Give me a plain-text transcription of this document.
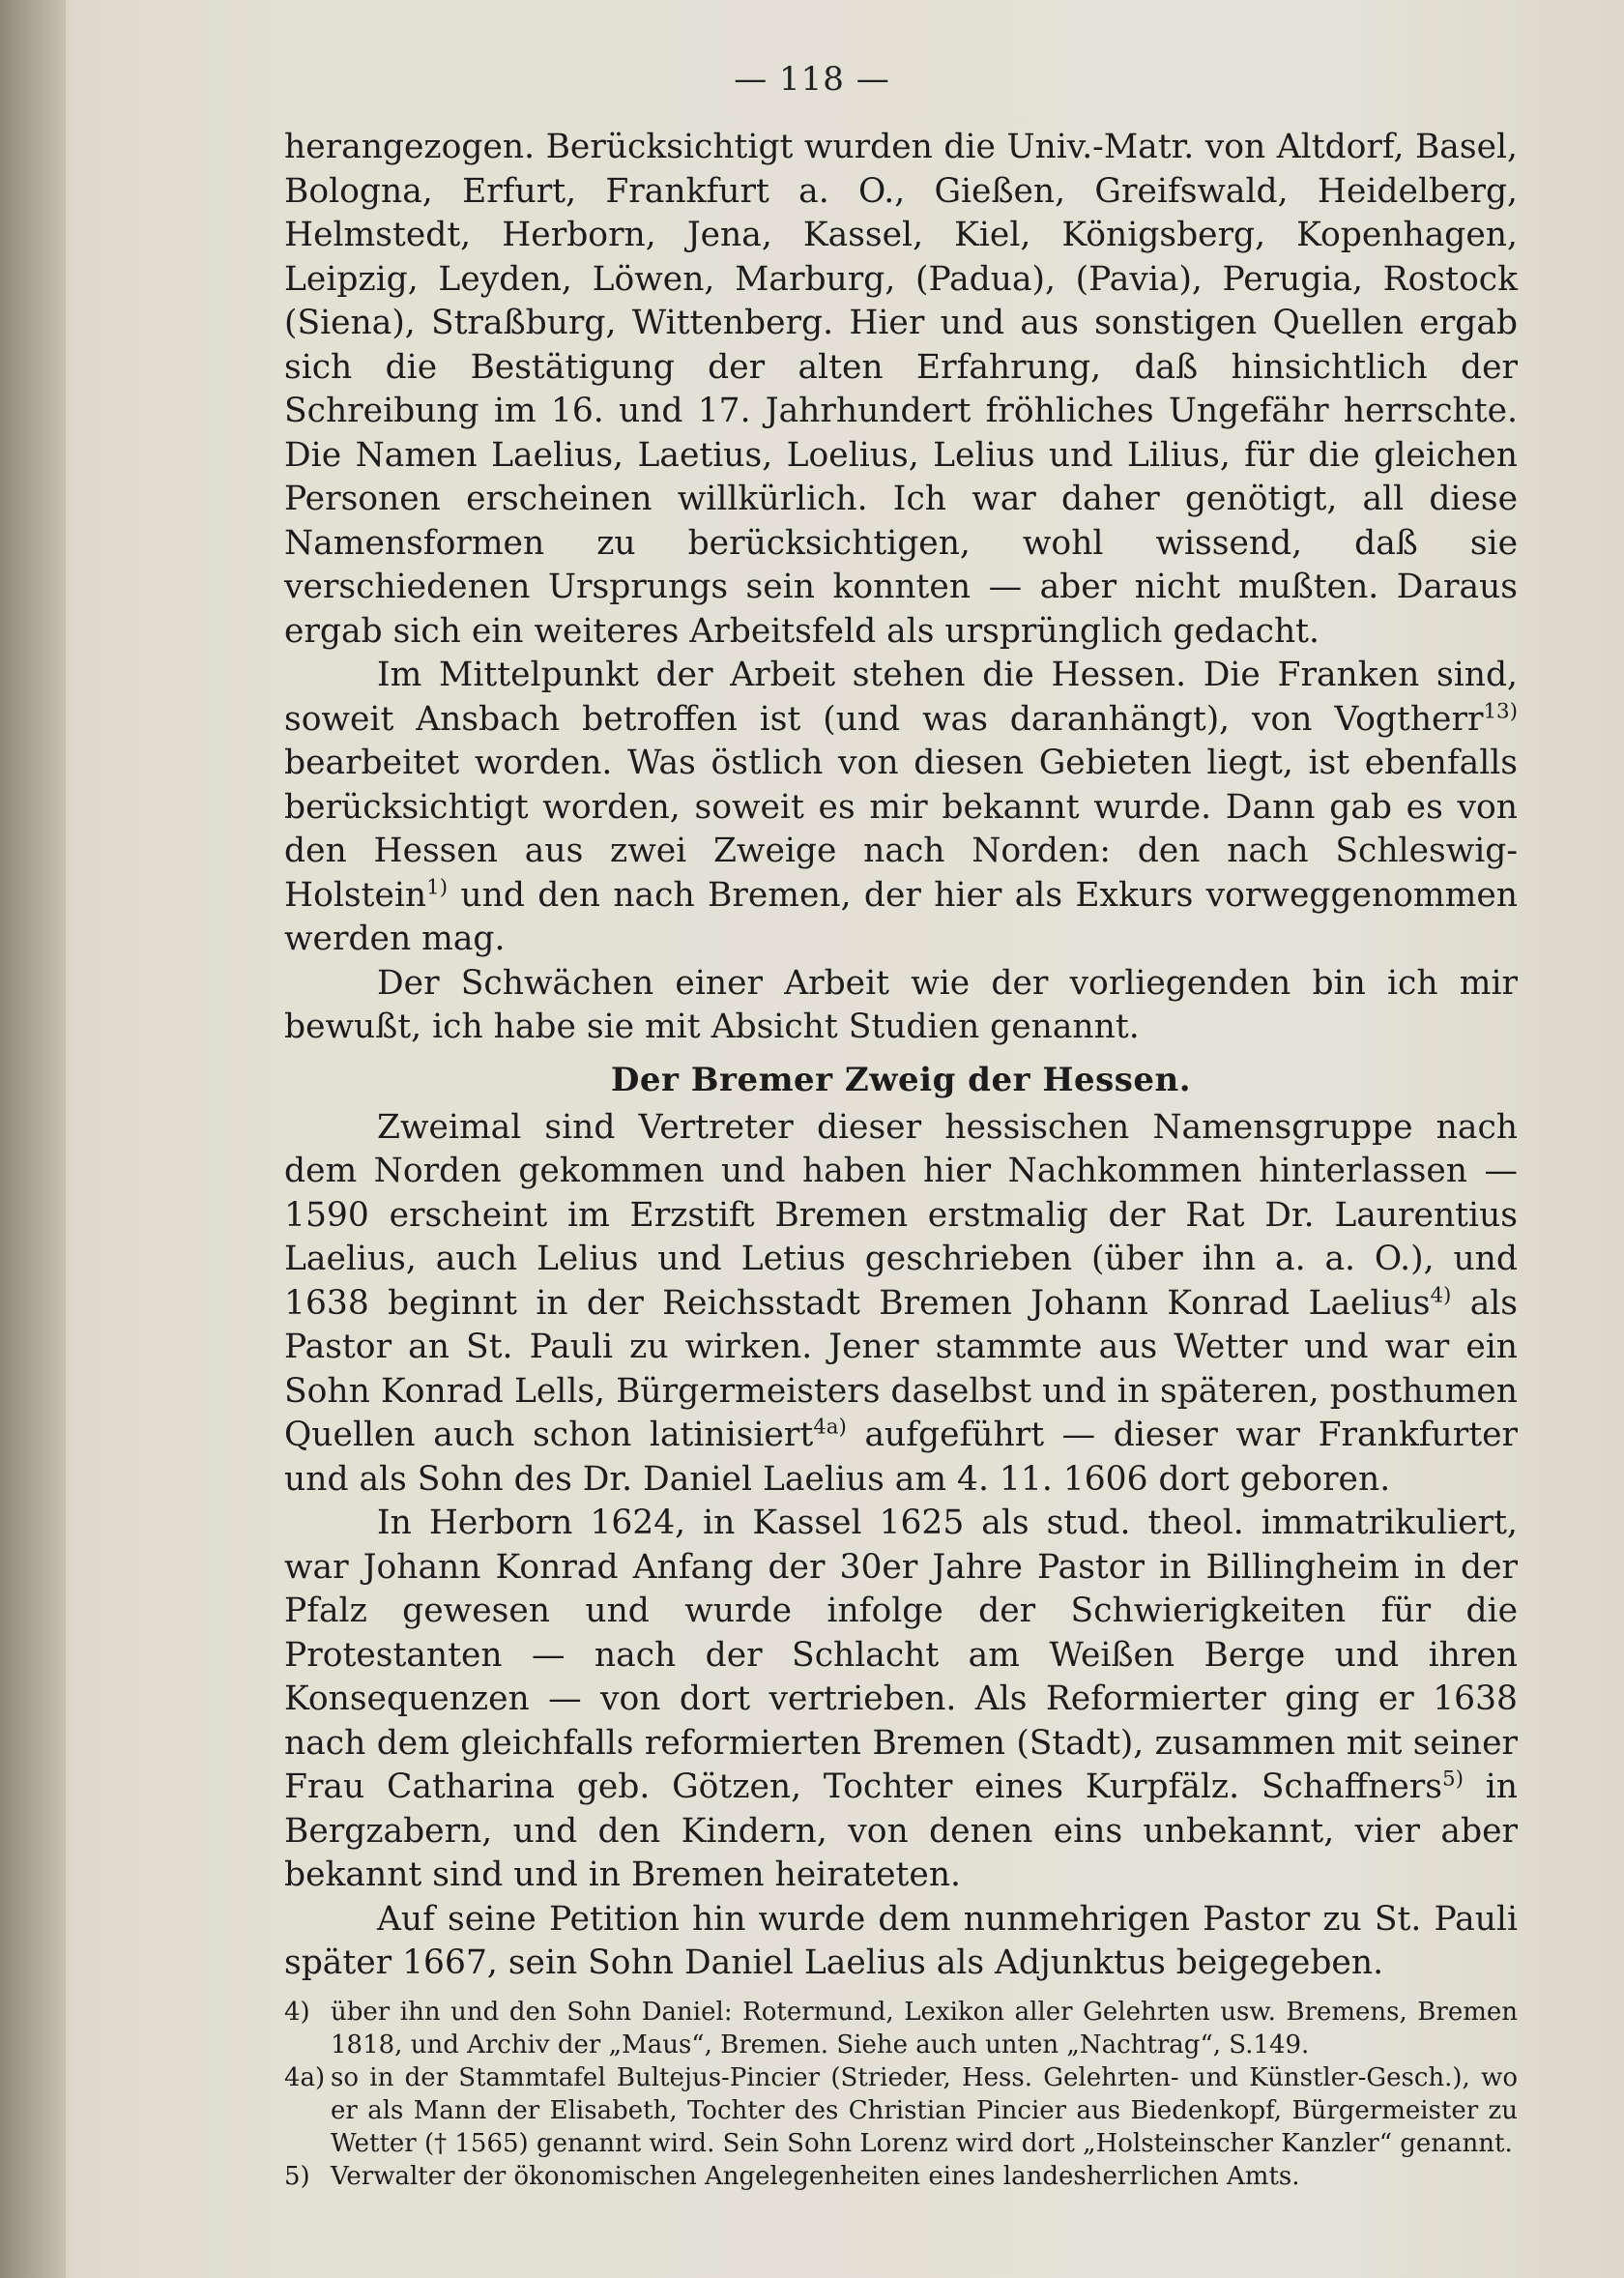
— 118 —

herangezogen. Berücksichtigt wurden die Univ.-Matr. von Altdorf, Basel, Bologna, Erfurt, Frankfurt a. O., Gießen, Greifswald, Heidelberg, Helmstedt, Herborn, Jena, Kassel, Kiel, Königsberg, Kopenhagen, Leipzig, Leyden, Löwen, Marburg, (Padua), (Pavia), Perugia, Rostock (Siena), Straßburg, Wittenberg. Hier und aus sonstigen Quellen ergab sich die Bestätigung der alten Erfahrung, daß hinsichtlich der Schreibung im 16. und 17. Jahrhundert fröhliches Ungefähr herrschte. Die Namen Laelius, Laetius, Loelius, Lelius und Lilius, für die gleichen Personen erscheinen willkürlich. Ich war daher genötigt, all diese Namensformen zu berücksichtigen, wohl wissend, daß sie verschiedenen Ursprungs sein konnten — aber nicht mußten. Daraus ergab sich ein weiteres Arbeitsfeld als ursprünglich gedacht.

Im Mittelpunkt der Arbeit stehen die Hessen. Die Franken sind, soweit Ansbach betroffen ist (und was daranhängt), von Vogtherr$^{13)}$ bearbeitet worden. Was östlich von diesen Gebieten liegt, ist ebenfalls berücksichtigt worden, soweit es mir bekannt wurde. Dann gab es von den Hessen aus zwei Zweige nach Norden: den nach Schleswig-Holstein$^{1)}$ und den nach Bremen, der hier als Exkurs vorweggenommen werden mag.

Der Schwächen einer Arbeit wie der vorliegenden bin ich mir bewußt, ich habe sie mit Absicht Studien genannt.

Der Bremer Zweig der Hessen.

Zweimal sind Vertreter dieser hessischen Namensgruppe nach dem Norden gekommen und haben hier Nachkommen hinterlassen — 1590 erscheint im Erzstift Bremen erstmalig der Rat Dr. Laurentius Laelius, auch Lelius und Letius geschrieben (über ihn a. a. O.), und 1638 beginnt in der Reichsstadt Bremen Johann Konrad Laelius$^{4)}$ als Pastor an St. Pauli zu wirken. Jener stammte aus Wetter und war ein Sohn Konrad Lells, Bürgermeisters daselbst und in späteren, posthumen Quellen auch schon latinisiert$^{4a)}$ aufgeführt — dieser war Frankfurter und als Sohn des Dr. Daniel Laelius am 4. 11. 1606 dort geboren.

In Herborn 1624, in Kassel 1625 als stud. theol. immatrikuliert, war Johann Konrad Anfang der 30er Jahre Pastor in Billingheim in der Pfalz gewesen und wurde infolge der Schwierigkeiten für die Protestanten — nach der Schlacht am Weißen Berge und ihren Konsequenzen — von dort vertrieben. Als Reformierter ging er 1638 nach dem gleichfalls reformierten Bremen (Stadt), zusammen mit seiner Frau Catharina geb. Götzen, Tochter eines Kurpfälz. Schaffners$^{5)}$ in Bergzabern, und den Kindern, von denen eins unbekannt, vier aber bekannt sind und in Bremen heirateten.

Auf seine Petition hin wurde dem nunmehrigen Pastor zu St. Pauli später 1667, sein Sohn Daniel Laelius als Adjunktus beigegeben.

4) über ihn und den Sohn Daniel: Rotermund, Lexikon aller Gelehrten usw. Bremens, Bremen 1818, und Archiv der „Maus“, Bremen. Siehe auch unten „Nachtrag“, S.149.

4a) so in der Stammtafel Bultejus-Pincier (Strieder, Hess. Gelehrten- und Künstler-Gesch.), wo er als Mann der Elisabeth, Tochter des Christian Pincier aus Biedenkopf, Bürgermeister zu Wetter († 1565) genannt wird. Sein Sohn Lorenz wird dort „Holsteinscher Kanzler“ genannt.

5) Verwalter der ökonomischen Angelegenheiten eines landesherrlichen Amts.
